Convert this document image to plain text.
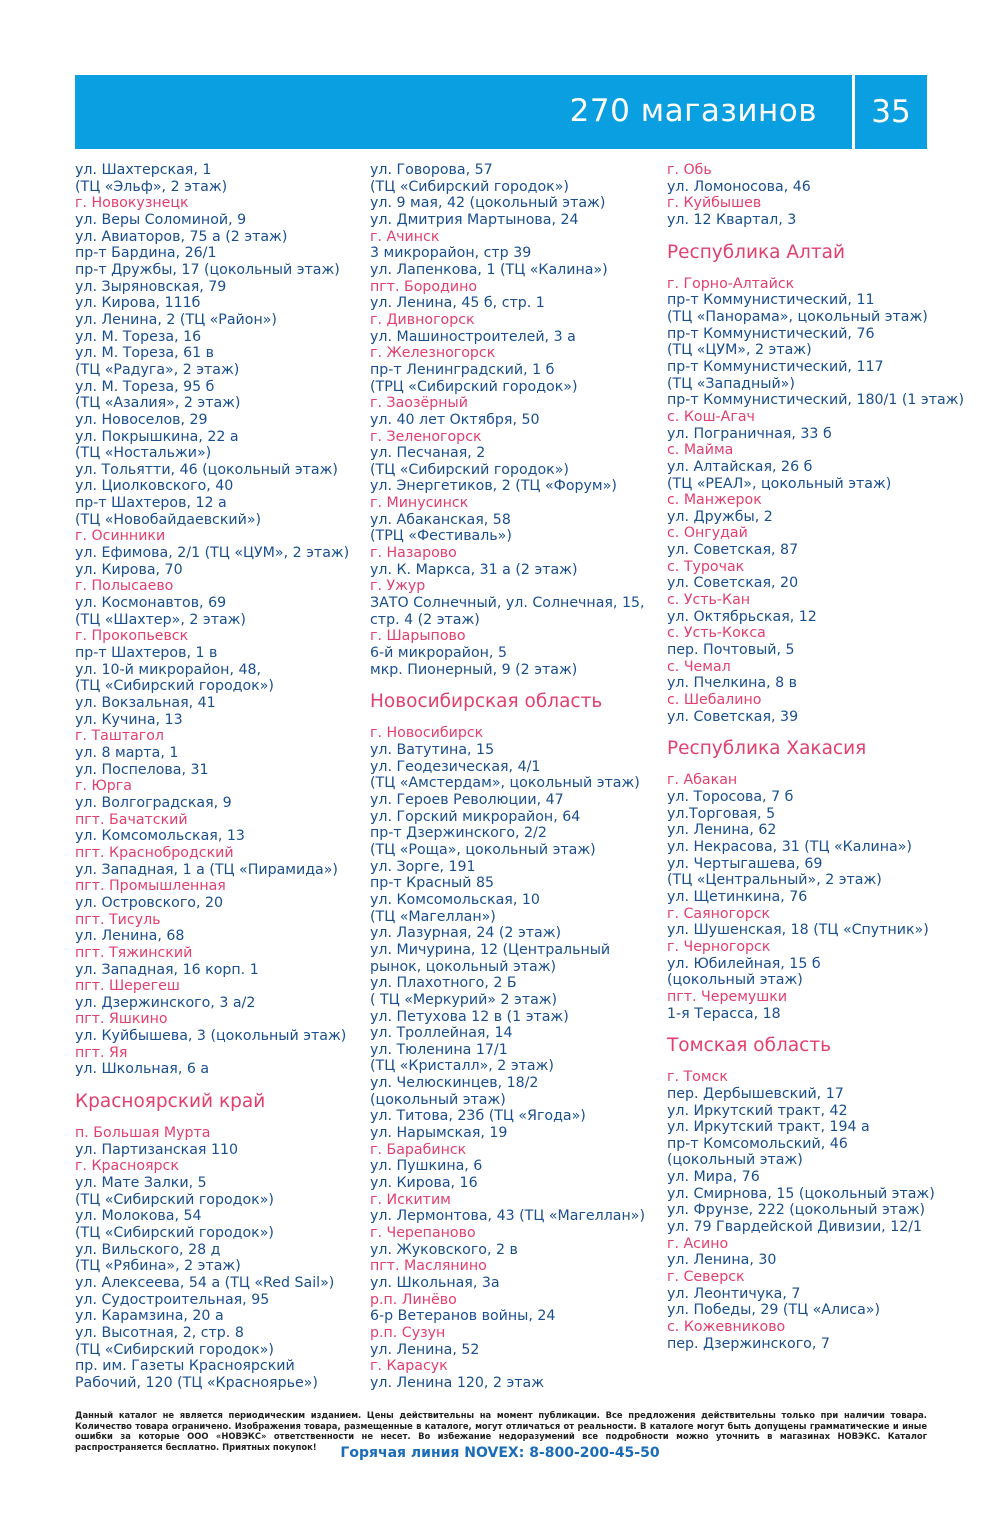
270 магазинов	35
ул. Шахтерская, 1
(ТЦ «Эльф», 2 этаж)
г. Новокузнецк
ул. Веры Соломиной, 9
ул. Авиаторов, 75 а (2 этаж)
пр-т Бардина, 26/1
пр-т Дружбы, 17 (цокольный этаж)
ул. Зыряновская, 79
ул. Кирова, 111б
ул. Ленина, 2 (ТЦ «Район»)
ул. М. Тореза, 16
ул. М. Тореза, 61 в
(ТЦ «Радуга», 2 этаж)
ул. М. Тореза, 95 б
(ТЦ «Азалия», 2 этаж)
ул. Новоселов, 29
ул. Покрышкина, 22 а
(ТЦ «Ностальжи»)
ул. Тольятти, 46 (цокольный этаж)
ул. Циолковского, 40
пр-т Шахтеров, 12 а
(ТЦ «Новобайдаевский»)
г. Осинники
ул. Ефимова, 2/1 (ТЦ «ЦУМ», 2 этаж)
ул. Кирова, 70
г. Полысаево
ул. Космонавтов, 69
(ТЦ «Шахтер», 2 этаж)
г. Прокопьевск
пр-т Шахтеров, 1 в
ул. 10-й микрорайон, 48,
(ТЦ «Сибирский городок»)
ул. Вокзальная, 41
ул. Кучина, 13
г. Таштагол
ул. 8 марта, 1
ул. Поспелова, 31
г. Юрга
ул. Волгоградская, 9
пгт. Бачатский
ул. Комсомольская, 13
пгт. Краснобродский
ул. Западная, 1 а (ТЦ «Пирамида»)
пгт. Промышленная
ул. Островского, 20
пгт. Тисуль
ул. Ленина, 68
пгт. Тяжинский
ул. Западная, 16 корп. 1
пгт. Шерегеш
ул. Дзержинского, 3 а/2
пгт. Яшкино
ул. Куйбышева, 3 (цокольный этаж)
пгт. Яя
ул. Школьная, 6 а
Красноярский край
п. Большая Мурта
ул. Партизанская 110
г. Красноярск
ул. Мате Залки, 5
(ТЦ «Сибирский городок»)
ул. Молокова, 54
(ТЦ «Сибирский городок»)
ул. Вильского, 28 д
(ТЦ «Рябина», 2 этаж)
ул. Алексеева, 54 а (ТЦ «Red Sail»)
ул. Судостроительная, 95
ул. Карамзина, 20 а
ул. Высотная, 2, стр. 8
(ТЦ «Сибирский городок»)
пр. им. Газеты Красноярский
Рабочий, 120 (ТЦ «Красноярье»)
ул. Говорова, 57
(ТЦ «Сибирский городок»)
ул. 9 мая, 42 (цокольный этаж)
ул. Дмитрия Мартынова, 24
г. Ачинск
3 микрорайон, стр 39
ул. Лапенкова, 1 (ТЦ «Калина»)
пгт. Бородино
ул. Ленина, 45 б, стр. 1
г. Дивногорск
ул. Машиностроителей, 3 а
г. Железногорск
пр-т Ленинградский, 1 б
(ТРЦ «Сибирский городок»)
г. Заозёрный
ул. 40 лет Октября, 50
г. Зеленогорск
ул. Песчаная, 2
(ТЦ «Сибирский городок»)
ул. Энергетиков, 2 (ТЦ «Форум»)
г. Минусинск
ул. Абаканская, 58
(ТРЦ «Фестиваль»)
г. Назарово
ул. К. Маркса, 31 а (2 этаж)
г. Ужур
ЗАТО Солнечный, ул. Солнечная, 15,
стр. 4 (2 этаж)
г. Шарыпово
6-й микрорайон, 5
мкр. Пионерный, 9 (2 этаж)
Новосибирская область
г. Новосибирск
ул. Ватутина, 15
ул. Геодезическая, 4/1
(ТЦ «Амстердам», цокольный этаж)
ул. Героев Революции, 47
ул. Горский микрорайон, 64
пр-т Дзержинского, 2/2
(ТЦ «Роща», цокольный этаж)
ул. Зорге, 191
пр-т Красный 85
ул. Комсомольская, 10
(ТЦ «Магеллан»)
ул. Лазурная, 24 (2 этаж)
ул. Мичурина, 12 (Центральный
рынок, цокольный этаж)
ул. Плахотного, 2 Б
( ТЦ «Меркурий» 2 этаж)
ул. Петухова 12 в (1 этаж)
ул. Троллейная, 14
ул. Тюленина 17/1
(ТЦ «Кристалл», 2 этаж)
ул. Челюскинцев, 18/2
(цокольный этаж)
ул. Титова, 23б (ТЦ «Ягода»)
ул. Нарымская, 19
г. Барабинск
ул. Пушкина, 6
ул. Кирова, 16
г. Искитим
ул. Лермонтова, 43 (ТЦ «Магеллан»)
г. Черепаново
ул. Жуковского, 2 в
пгт. Маслянино
ул. Школьная, 3а
р.п. Линёво
6-р Ветеранов войны, 24
р.п. Сузун
ул. Ленина, 52
г. Карасук
ул. Ленина 120, 2 этаж
г. Обь
ул. Ломоносова, 46
г. Куйбышев
ул. 12 Квартал, 3
Республика Алтай
г. Горно-Алтайск
пр-т Коммунистический, 11
(ТЦ «Панорама», цокольный этаж)
пр-т Коммунистический, 76
(ТЦ «ЦУМ», 2 этаж)
пр-т Коммунистический, 117
(ТЦ «Западный»)
пр-т Коммунистический, 180/1 (1 этаж)
с. Кош-Агач
ул. Пограничная, 33 б
с. Майма
ул. Алтайская, 26 б
(ТЦ «РЕАЛ», цокольный этаж)
с. Манжерок
ул. Дружбы, 2
с. Онгудай
ул. Советская, 87
с. Турочак
ул. Советская, 20
с. Усть-Кан
ул. Октябрьская, 12
с. Усть-Кокса
пер. Почтовый, 5
с. Чемал
ул. Пчелкина, 8 в
с. Шебалино
ул. Советская, 39
Республика Хакасия
г. Абакан
ул. Торосова, 7 б
ул.Торговая, 5
ул. Ленина, 62
ул. Некрасова, 31 (ТЦ «Калина»)
ул. Чертыгашева, 69
(ТЦ «Центральный», 2 этаж)
ул. Щетинкина, 76
г. Саяногорск
ул. Шушенская, 18 (ТЦ «Спутник»)
г. Черногорск
ул. Юбилейная, 15 б
(цокольный этаж)
пгт. Черемушки
1-я Терасса, 18
Томская область
г. Томск
пер. Дербышевский, 17
ул. Иркутский тракт, 42
ул. Иркутский тракт, 194 а
пр-т Комсомольский, 46
(цокольный этаж)
ул. Мира, 76
ул. Смирнова, 15 (цокольный этаж)
ул. Фрунзе, 222 (цокольный этаж)
ул. 79 Гвардейской Дивизии, 12/1
г. Асино
ул. Ленина, 30
г. Северск
ул. Леонтичука, 7
ул. Победы, 29 (ТЦ «Алиса»)
с. Кожевниково
пер. Дзержинского, 7
Данный каталог не является периодическим изданием. Цены действительны на момент публикации. Все предложения действительны только при наличии товара. Количество товара ограничено. Изображения товара, размещенные в каталоге, могут отличаться от реальности. В каталоге могут быть допущены грамматические и иные ошибки за которые ООО «НОВЭКС» ответственности не несет. Во избежание недоразумений все подробности можно уточнить в магазинах НОВЭКС. Каталог распространяется бесплатно. Приятных покупок!	Горячая линия NOVEX: 8-800-200-45-50
